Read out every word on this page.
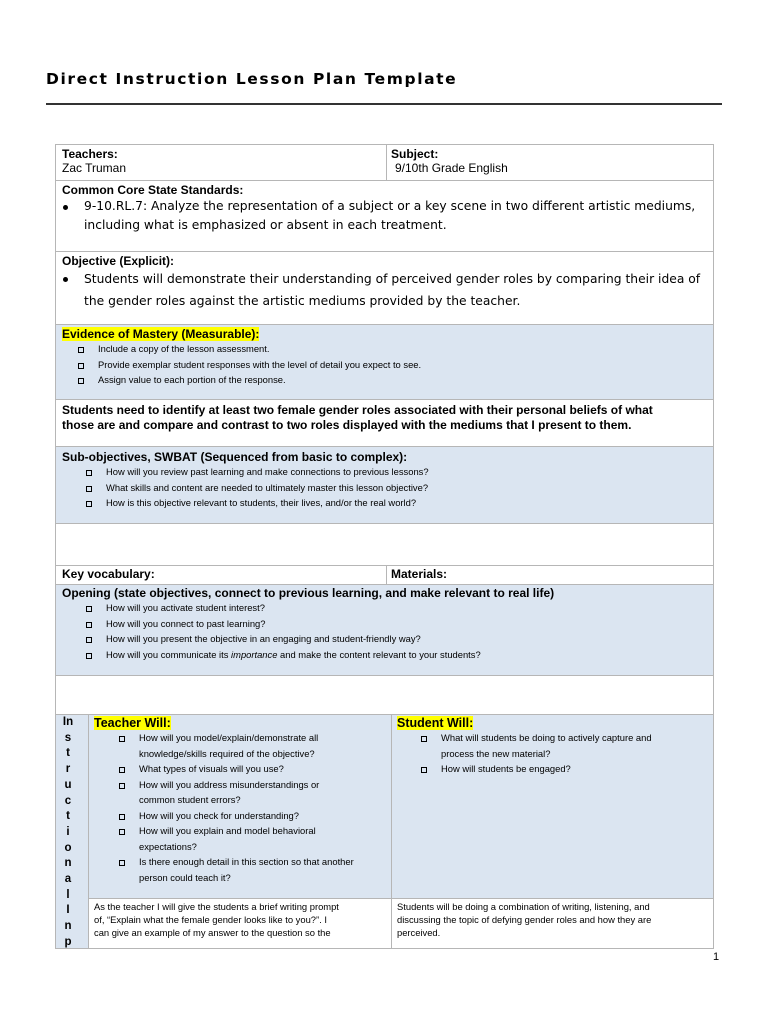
Direct Instruction Lesson Plan Template
Teachers:
Zac Truman
Subject:
9/10th Grade English
Common Core State Standards:
9-10.RL.7: Analyze the representation of a subject or a key scene in two different artistic mediums,
including what is emphasized or absent in each treatment.
Objective (Explicit):
Students will demonstrate their understanding of perceived gender roles by comparing their idea of
the gender roles against the artistic mediums provided by the teacher.
Evidence of Mastery (Measurable):
Include a copy of the lesson assessment.
Provide exemplar student responses with the level of detail you expect to see.
Assign value to each portion of the response.
Students need to identify at least two female gender roles associated with their personal beliefs of what
those are and compare and contrast to two roles displayed with the mediums that I present to them.
Sub-objectives, SWBAT (Sequenced from basic to complex):
How will you review past learning and make connections to previous lessons?
What skills and content are needed to ultimately master this lesson objective?
How is this objective relevant to students, their lives, and/or the real world?
Key vocabulary:	Materials:
Opening (state objectives, connect to previous learning, and make relevant to real life)
How will you activate student interest?
How will you connect to past learning?
How will you present the objective in an engaging and student-friendly way?
How will you communicate its importance and make the content relevant to your students?
In
s
t
r
u
c
t
i
o
n
a
l
I
n
p
Teacher Will:
How will you model/explain/demonstrate all
knowledge/skills required of the objective?
What types of visuals will you use?
How will you address misunderstandings or
common student errors?
How will you check for understanding?
How will you explain and model behavioral
expectations?
Is there enough detail in this section so that another
person could teach it?
Student Will:
What will students be doing to actively capture and
process the new material?
How will students be engaged?
As the teacher I will give the students a brief writing prompt
of, “Explain what the female gender looks like to you?”. I
can give an example of my answer to the question so the
Students will be doing a combination of writing, listening, and
discussing the topic of defying gender roles and how they are
perceived.
1
